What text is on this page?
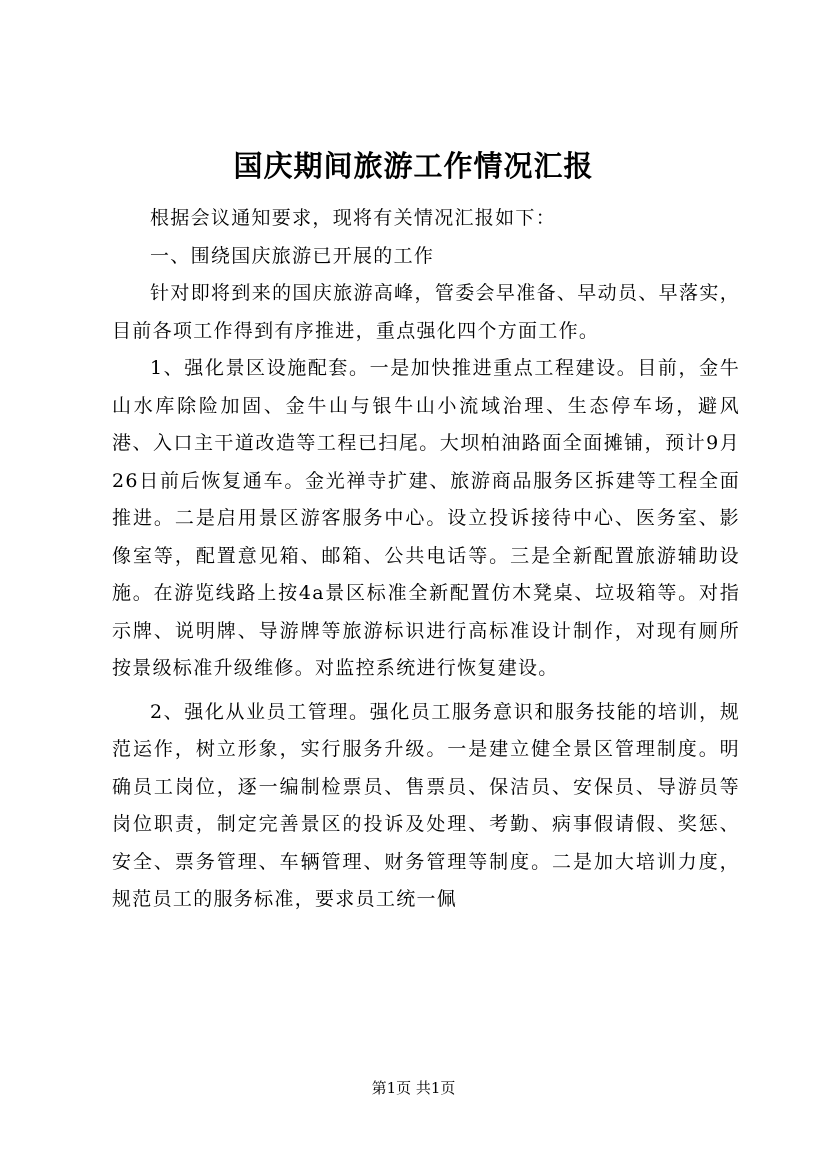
国庆期间旅游工作情况汇报

根据会议通知要求，现将有关情况汇报如下：

一、围绕国庆旅游已开展的工作

针对即将到来的国庆旅游高峰，管委会早准备、早动员、早落实，目前各项工作得到有序推进，重点强化四个方面工作。

1、强化景区设施配套。一是加快推进重点工程建设。目前，金牛山水库除险加固、金牛山与银牛山小流域治理、生态停车场，避风港、入口主干道改造等工程已扫尾。大坝柏油路面全面摊铺，预计9月26日前后恢复通车。金光禅寺扩建、旅游商品服务区拆建等工程全面推进。二是启用景区游客服务中心。设立投诉接待中心、医务室、影像室等，配置意见箱、邮箱、公共电话等。三是全新配置旅游辅助设施。在游览线路上按4a景区标准全新配置仿木凳桌、垃圾箱等。对指示牌、说明牌、导游牌等旅游标识进行高标准设计制作，对现有厕所按景级标准升级维修。对监控系统进行恢复建设。

2、强化从业员工管理。强化员工服务意识和服务技能的培训，规范运作，树立形象，实行服务升级。一是建立健全景区管理制度。明确员工岗位，逐一编制检票员、售票员、保洁员、安保员、导游员等岗位职责，制定完善景区的投诉及处理、考勤、病事假请假、奖惩、安全、票务管理、车辆管理、财务管理等制度。二是加大培训力度，规范员工的服务标准，要求员工统一佩

第1页 共1页
